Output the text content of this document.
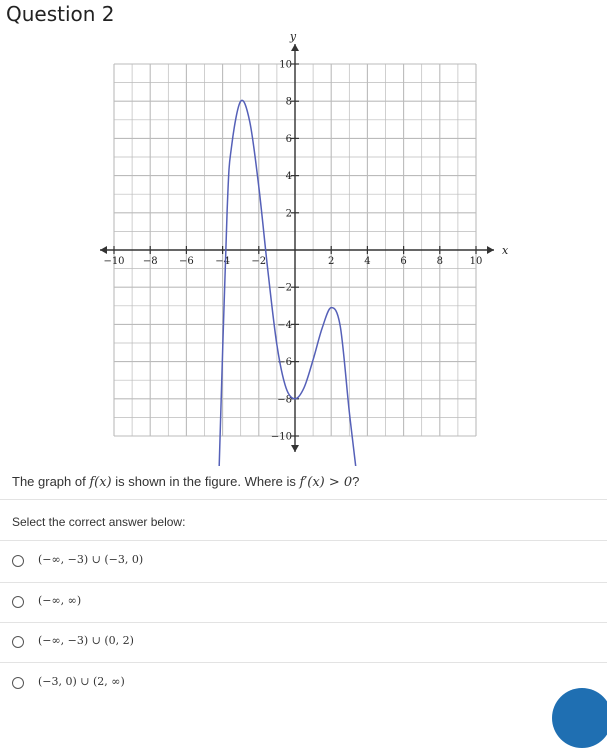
Question 2
−10 −8 −6 −4 −2	2	4	6	8	10
10
8
6
4
2
−2
−4
−6
−8
−10
x
y
The graph of f(x) is shown in the figure. Where is f′(x) > 0?
Select the correct answer below:
(−∞, −3) ∪ (−3, 0)
(−∞, ∞)
(−∞, −3) ∪ (0, 2)
(−3, 0) ∪ (2, ∞)
